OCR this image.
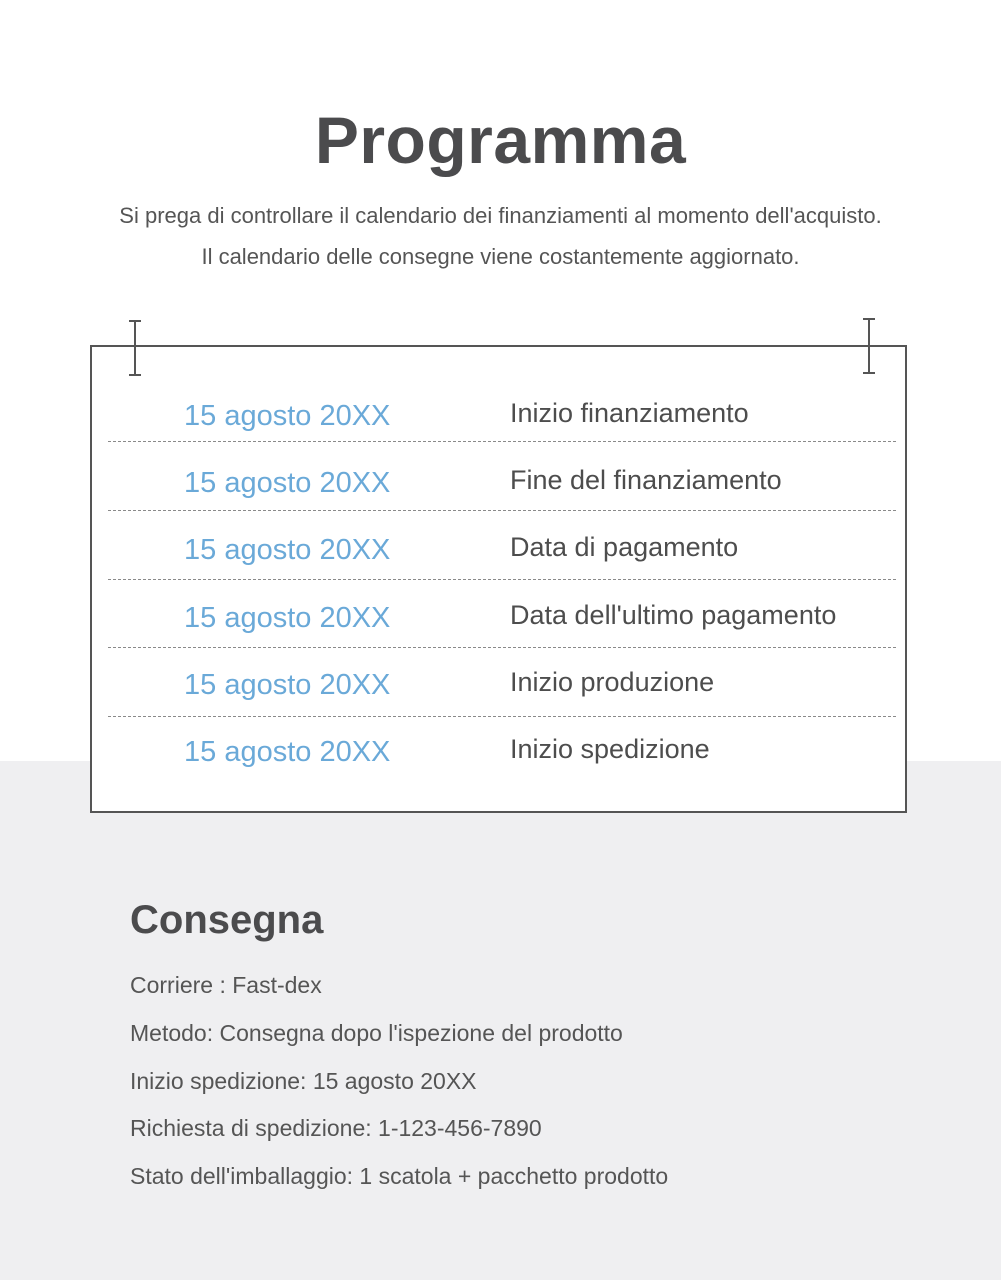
Programma

Si prega di controllare il calendario dei finanziamenti al momento dell'acquisto.

Il calendario delle consegne viene costantemente aggiornato.

15 agosto 20XX	Inizio finanziamento
15 agosto 20XX	Fine del finanziamento
15 agosto 20XX	Data di pagamento
15 agosto 20XX	Data dell'ultimo pagamento
15 agosto 20XX	Inizio produzione
15 agosto 20XX	Inizio spedizione
Consegna
Corriere : Fast-dex
Metodo: Consegna dopo l'ispezione del prodotto
Inizio spedizione: 15 agosto 20XX
Richiesta di spedizione: 1-123-456-7890
Stato dell'imballaggio: 1 scatola + pacchetto prodotto
